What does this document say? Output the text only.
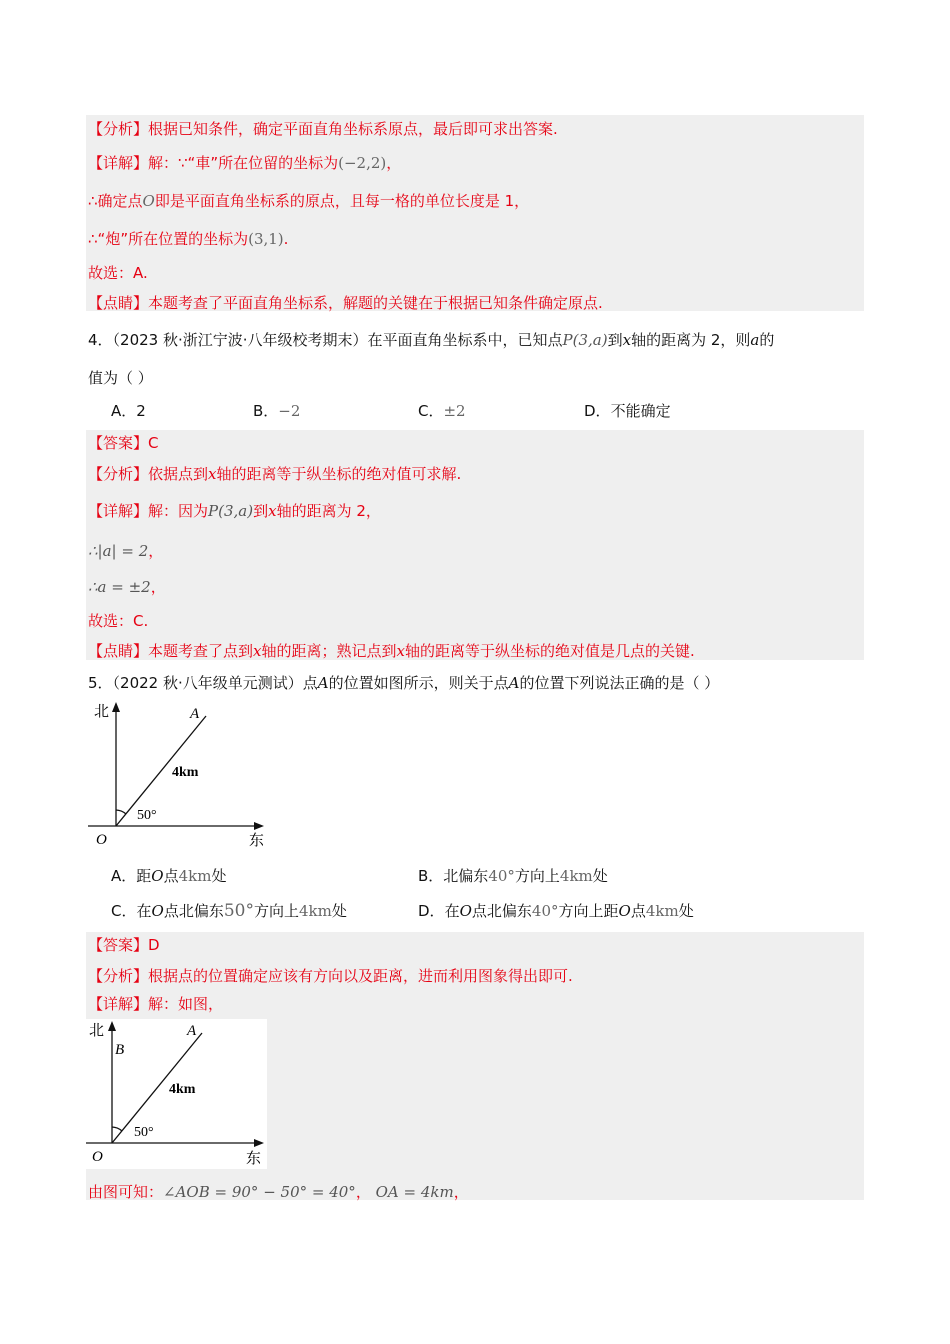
【分析】根据已知条件，确定平面直角坐标系原点，最后即可求出答案.
【详解】解：∵“車”所在位留的坐标为(−2,2)，
∴确定点O即是平面直角坐标系的原点，且每一格的单位长度是 1，
∴“炮”所在位置的坐标为(3,1).
故选：A.
【点睛】本题考查了平面直角坐标系，解题的关键在于根据已知条件确定原点.
4．（2023 秋·浙江宁波·八年级校考期末）在平面直角坐标系中，已知点P(3,a)到x轴的距离为 2，则a的
值为（ ）
A．2	B．−2	C．±2	D．不能确定
【答案】C
【分析】依据点到x轴的距离等于纵坐标的绝对值可求解.
【详解】解：因为P(3,a)到x轴的距离为 2，
∴|a| = 2，
∴a = ±2，
故选：C.
【点睛】本题考查了点到x轴的距离；熟记点到x轴的距离等于纵坐标的绝对值是几点的关键.
5．（2022 秋·八年级单元测试）点A的位置如图所示，则关于点A的位置下列说法正确的是（ ）
北
东
O
A
4km
50°
A．距O点4km处	B．北偏东40°方向上4km处
C．在O点北偏东50°方向上4km处	D．在O点北偏东40°方向上距O点4km处
【答案】D
【分析】根据点的位置确定应该有方向以及距离，进而利用图象得出即可.
【详解】解：如图，
北
东
O
A
B
4km
50°
由图可知：∠AOB = 90° − 50° = 40°， OA = 4km，
